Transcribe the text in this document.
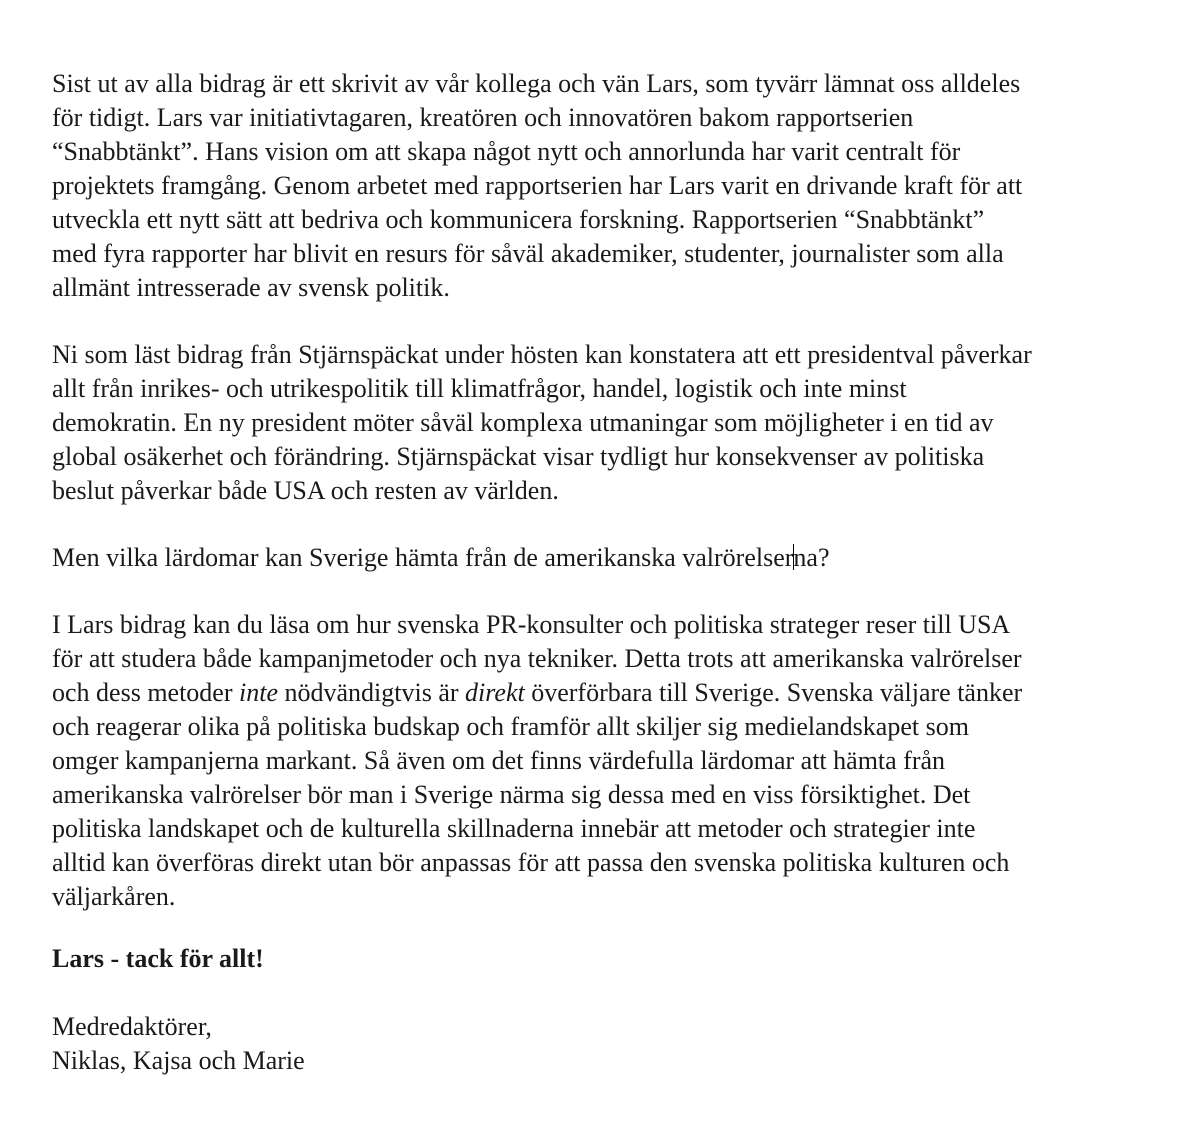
Sist ut av alla bidrag är ett skrivit av vår kollega och vän Lars, som tyvärr lämnat oss alldeles
för tidigt. Lars var initiativtagaren, kreatören och innovatören bakom rapportserien
“Snabbtänkt”. Hans vision om att skapa något nytt och annorlunda har varit centralt för
projektets framgång. Genom arbetet med rapportserien har Lars varit en drivande kraft för att
utveckla ett nytt sätt att bedriva och kommunicera forskning. Rapportserien “Snabbtänkt”
med fyra rapporter har blivit en resurs för såväl akademiker, studenter, journalister som alla
allmänt intresserade av svensk politik.
Ni som läst bidrag från Stjärnspäckat under hösten kan konstatera att ett presidentval påverkar
allt från inrikes- och utrikespolitik till klimatfrågor, handel, logistik och inte minst
demokratin. En ny president möter såväl komplexa utmaningar som möjligheter i en tid av
global osäkerhet och förändring. Stjärnspäckat visar tydligt hur konsekvenser av politiska
beslut påverkar både USA och resten av världen.
Men vilka lärdomar kan Sverige hämta från de amerikanska valrörelserna?
I Lars bidrag kan du läsa om hur svenska PR-konsulter och politiska strateger reser till USA
för att studera både kampanjmetoder och nya tekniker. Detta trots att amerikanska valrörelser
och dess metoder inte nödvändigtvis är direkt överförbara till Sverige. Svenska väljare tänker
och reagerar olika på politiska budskap och framför allt skiljer sig medielandskapet som
omger kampanjerna markant. Så även om det finns värdefulla lärdomar att hämta från
amerikanska valrörelser bör man i Sverige närma sig dessa med en viss försiktighet. Det
politiska landskapet och de kulturella skillnaderna innebär att metoder och strategier inte
alltid kan överföras direkt utan bör anpassas för att passa den svenska politiska kulturen och
väljarkåren.
Lars - tack för allt!
Medredaktörer,
Niklas, Kajsa och Marie
